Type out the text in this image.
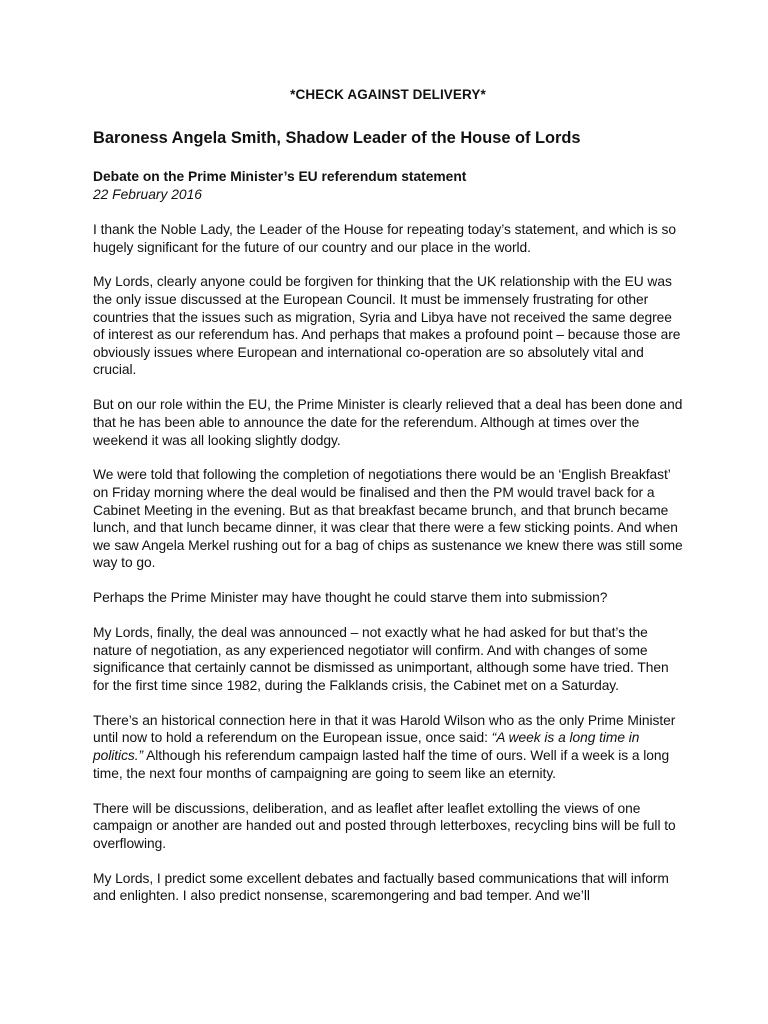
*CHECK AGAINST DELIVERY*

Baroness Angela Smith, Shadow Leader of the House of Lords

Debate on the Prime Minister’s EU referendum statement

22 February 2016

I thank the Noble Lady, the Leader of the House for repeating today’s statement, and which is so hugely significant for the future of our country and our place in the world.

My Lords, clearly anyone could be forgiven for thinking that the UK relationship with the EU was the only issue discussed at the European Council. It must be immensely frustrating for other countries that the issues such as migration, Syria and Libya have not received the same degree of interest as our referendum has. And perhaps that makes a profound point – because those are obviously issues where European and international co-operation are so absolutely vital and crucial.

But on our role within the EU, the Prime Minister is clearly relieved that a deal has been done and that he has been able to announce the date for the referendum. Although at times over the weekend it was all looking slightly dodgy.

We were told that following the completion of negotiations there would be an ‘English Breakfast’ on Friday morning where the deal would be finalised and then the PM would travel back for a Cabinet Meeting in the evening. But as that breakfast became brunch, and that brunch became lunch, and that lunch became dinner, it was clear that there were a few sticking points. And when we saw Angela Merkel rushing out for a bag of chips as sustenance we knew there was still some way to go.

Perhaps the Prime Minister may have thought he could starve them into submission?

My Lords, finally, the deal was announced – not exactly what he had asked for but that’s the nature of negotiation, as any experienced negotiator will confirm. And with changes of some significance that certainly cannot be dismissed as unimportant, although some have tried. Then for the first time since 1982, during the Falklands crisis, the Cabinet met on a Saturday.

There’s an historical connection here in that it was Harold Wilson who as the only Prime Minister until now to hold a referendum on the European issue, once said: “A week is a long time in politics.” Although his referendum campaign lasted half the time of ours. Well if a week is a long time, the next four months of campaigning are going to seem like an eternity.

There will be discussions, deliberation, and as leaflet after leaflet extolling the views of one campaign or another are handed out and posted through letterboxes, recycling bins will be full to overflowing.

My Lords, I predict some excellent debates and factually based communications that will inform and enlighten. I also predict nonsense, scaremongering and bad temper. And we’ll
